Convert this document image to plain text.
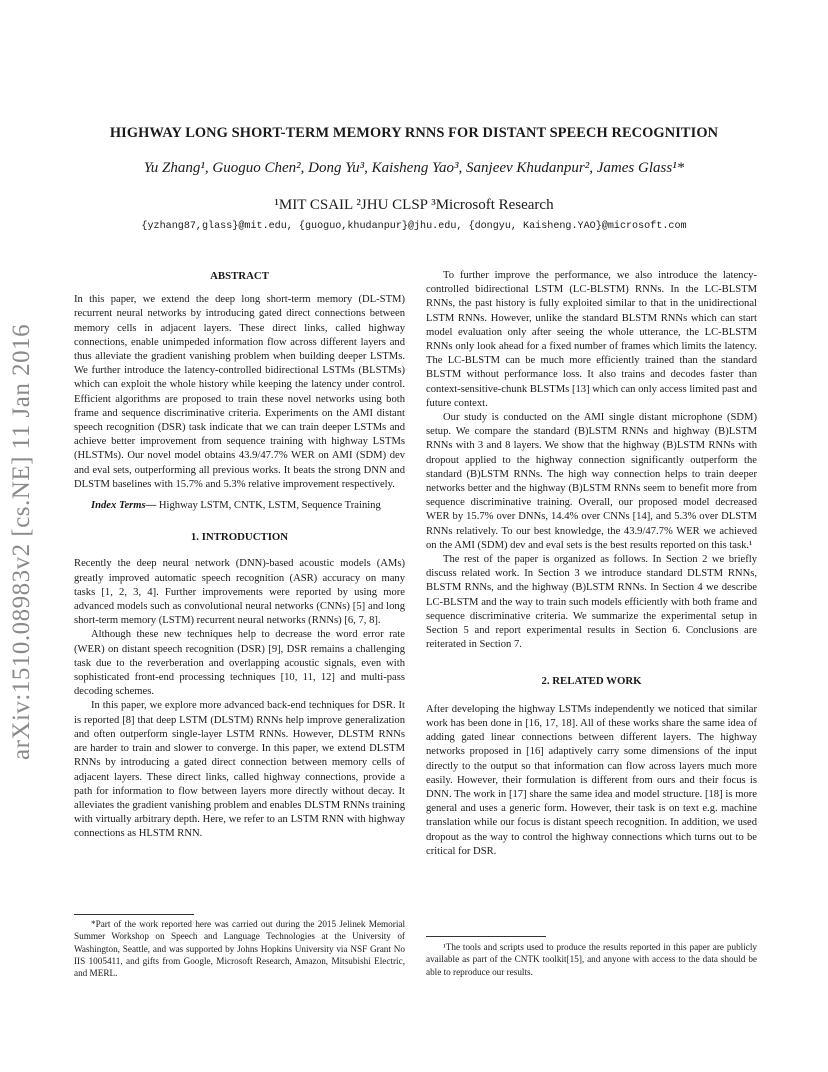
arXiv:1510.08983v2 [cs.NE] 11 Jan 2016
HIGHWAY LONG SHORT-TERM MEMORY RNNS FOR DISTANT SPEECH RECOGNITION
Yu Zhang¹, Guoguo Chen², Dong Yu³, Kaisheng Yao³, Sanjeev Khudanpur², James Glass¹*
¹MIT CSAIL ²JHU CLSP ³Microsoft Research
{yzhang87,glass}@mit.edu, {guoguo,khudanpur}@jhu.edu, {dongyu, Kaisheng.YAO}@microsoft.com

ABSTRACT

In this paper, we extend the deep long short-term memory (DL-STM) recurrent neural networks by introducing gated direct connections between memory cells in adjacent layers. These direct links, called highway connections, enable unimpeded information flow across different layers and thus alleviate the gradient vanishing problem when building deeper LSTMs. We further introduce the latency-controlled bidirectional LSTMs (BLSTMs) which can exploit the whole history while keeping the latency under control. Efficient algorithms are proposed to train these novel networks using both frame and sequence discriminative criteria. Experiments on the AMI distant speech recognition (DSR) task indicate that we can train deeper LSTMs and achieve better improvement from sequence training with highway LSTMs (HLSTMs). Our novel model obtains 43.9/47.7% WER on AMI (SDM) dev and eval sets, outperforming all previous works. It beats the strong DNN and DLSTM baselines with 15.7% and 5.3% relative improvement respectively.

Index Terms— Highway LSTM, CNTK, LSTM, Sequence Training

1. INTRODUCTION

Recently the deep neural network (DNN)-based acoustic models (AMs) greatly improved automatic speech recognition (ASR) accuracy on many tasks [1, 2, 3, 4]. Further improvements were reported by using more advanced models such as convolutional neural networks (CNNs) [5] and long short-term memory (LSTM) recurrent neural networks (RNNs) [6, 7, 8].

Although these new techniques help to decrease the word error rate (WER) on distant speech recognition (DSR) [9], DSR remains a challenging task due to the reverberation and overlapping acoustic signals, even with sophisticated front-end processing techniques [10, 11, 12] and multi-pass decoding schemes.

In this paper, we explore more advanced back-end techniques for DSR. It is reported [8] that deep LSTM (DLSTM) RNNs help improve generalization and often outperform single-layer LSTM RNNs. However, DLSTM RNNs are harder to train and slower to converge. In this paper, we extend DLSTM RNNs by introducing a gated direct connection between memory cells of adjacent layers. These direct links, called highway connections, provide a path for information to flow between layers more directly without decay. It alleviates the gradient vanishing problem and enables DLSTM RNNs training with virtually arbitrary depth. Here, we refer to an LSTM RNN with highway connections as HLSTM RNN.

*Part of the work reported here was carried out during the 2015 Jelinek Memorial Summer Workshop on Speech and Language Technologies at the University of Washington, Seattle, and was supported by Johns Hopkins University via NSF Grant No IIS 1005411, and gifts from Google, Microsoft Research, Amazon, Mitsubishi Electric, and MERL.

To further improve the performance, we also introduce the latency-controlled bidirectional LSTM (LC-BLSTM) RNNs. In the LC-BLSTM RNNs, the past history is fully exploited similar to that in the unidirectional LSTM RNNs. However, unlike the standard BLSTM RNNs which can start model evaluation only after seeing the whole utterance, the LC-BLSTM RNNs only look ahead for a fixed number of frames which limits the latency. The LC-BLSTM can be much more efficiently trained than the standard BLSTM without performance loss. It also trains and decodes faster than context-sensitive-chunk BLSTMs [13] which can only access limited past and future context.

Our study is conducted on the AMI single distant microphone (SDM) setup. We compare the standard (B)LSTM RNNs and highway (B)LSTM RNNs with 3 and 8 layers. We show that the highway (B)LSTM RNNs with dropout applied to the highway connection significantly outperform the standard (B)LSTM RNNs. The high way connection helps to train deeper networks better and the highway (B)LSTM RNNs seem to benefit more from sequence discriminative training. Overall, our proposed model decreased WER by 15.7% over DNNs, 14.4% over CNNs [14], and 5.3% over DLSTM RNNs relatively. To our best knowledge, the 43.9/47.7% WER we achieved on the AMI (SDM) dev and eval sets is the best results reported on this task.¹

The rest of the paper is organized as follows. In Section 2 we briefly discuss related work. In Section 3 we introduce standard DLSTM RNNs, BLSTM RNNs, and the highway (B)LSTM RNNs. In Section 4 we describe LC-BLSTM and the way to train such models efficiently with both frame and sequence discriminative criteria. We summarize the experimental setup in Section 5 and report experimental results in Section 6. Conclusions are reiterated in Section 7.

2. RELATED WORK

After developing the highway LSTMs independently we noticed that similar work has been done in [16, 17, 18]. All of these works share the same idea of adding gated linear connections between different layers. The highway networks proposed in [16] adaptively carry some dimensions of the input directly to the output so that information can flow across layers much more easily. However, their formulation is different from ours and their focus is DNN. The work in [17] share the same idea and model structure. [18] is more general and uses a generic form. However, their task is on text e.g. machine translation while our focus is distant speech recognition. In addition, we used dropout as the way to control the highway connections which turns out to be critical for DSR.

¹The tools and scripts used to produce the results reported in this paper are publicly available as part of the CNTK toolkit[15], and anyone with access to the data should be able to reproduce our results.
